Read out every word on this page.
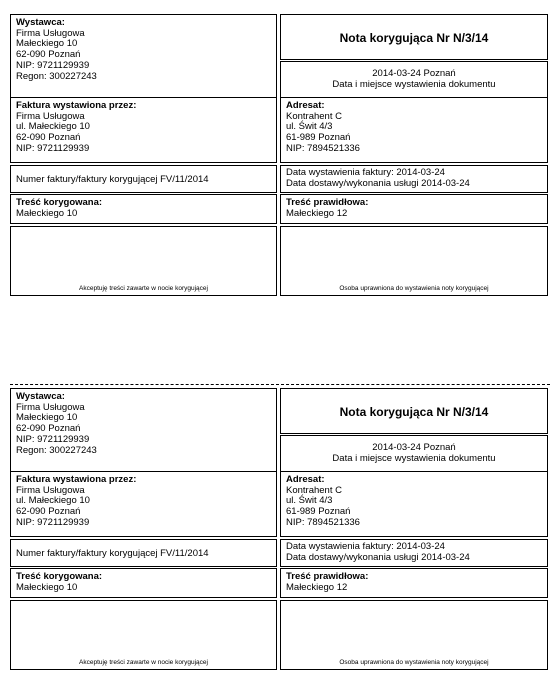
Wystawca:
Firma Usługowa
Małeckiego 10
62-090 Poznań
NIP: 9721129939
Regon: 300227243
Nota korygująca Nr N/3/14
2014-03-24 Poznań
Data i miejsce wystawienia dokumentu
Faktura wystawiona przez:
Firma Usługowa
ul. Małeckiego 10
62-090 Poznań
NIP: 9721129939
Adresat:
Kontrahent C
ul. Świt 4/3
61-989 Poznań
NIP: 7894521336
Numer faktury/faktury korygującej FV/11/2014
Data wystawienia faktury: 2014-03-24
Data dostawy/wykonania usługi 2014-03-24
Treść korygowana:
Małeckiego 10
Treść prawidłowa:
Małeckiego 12
Akceptuję treści zawarte w nocie korygującej	Osoba uprawniona do wystawienia noty korygującej
Wystawca:
Firma Usługowa
Małeckiego 10
62-090 Poznań
NIP: 9721129939
Regon: 300227243
Nota korygująca Nr N/3/14
2014-03-24 Poznań
Data i miejsce wystawienia dokumentu
Faktura wystawiona przez:
Firma Usługowa
ul. Małeckiego 10
62-090 Poznań
NIP: 9721129939
Adresat:
Kontrahent C
ul. Świt 4/3
61-989 Poznań
NIP: 7894521336
Numer faktury/faktury korygującej FV/11/2014
Data wystawienia faktury: 2014-03-24
Data dostawy/wykonania usługi 2014-03-24
Treść korygowana:
Małeckiego 10
Treść prawidłowa:
Małeckiego 12
Akceptuję treści zawarte w nocie korygującej	Osoba uprawniona do wystawienia noty korygującej
